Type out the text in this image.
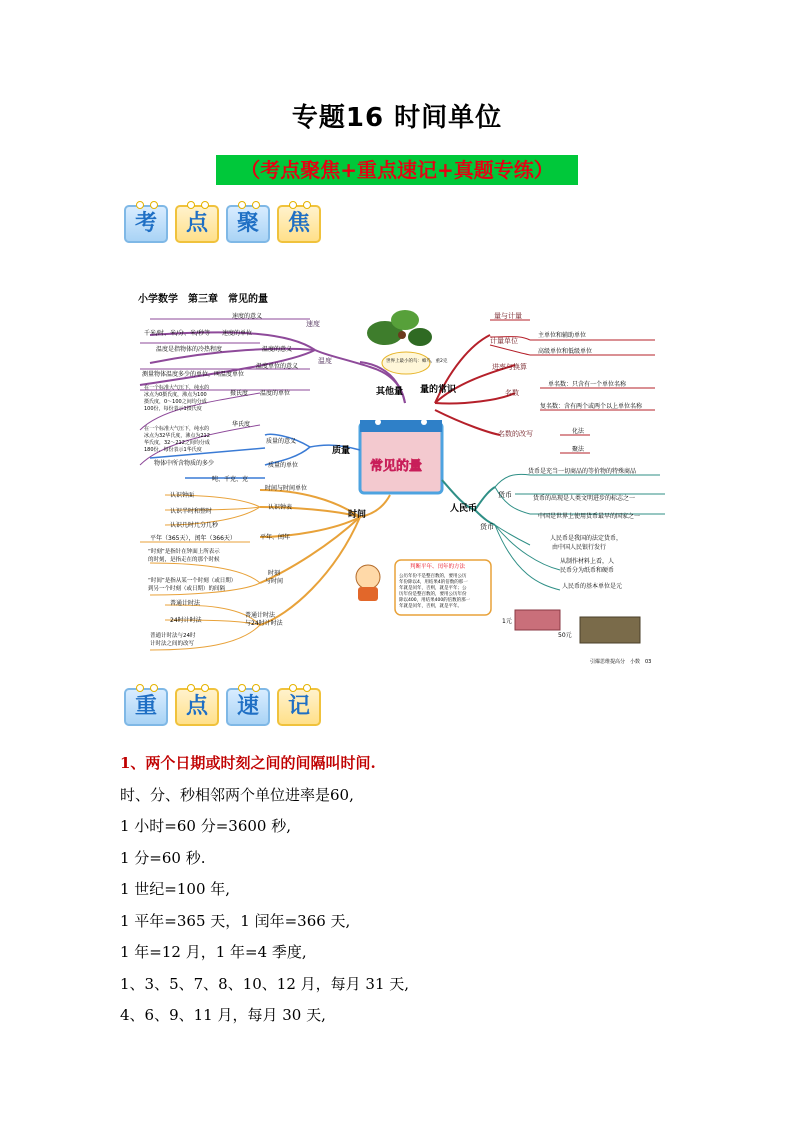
专题16 时间单位
（考点聚焦+重点速记+真题专练）
考	点	聚	焦
小学数学　第三章　常见的量
速度
速度的意义
千米/时、米/分、米/秒等 速度的单位
温度
温度是指物体的冷热程度	温度的意义
测量物体温度多少的单位，叫温度单位
温度单位的意义
温度的单位
摄氏度
华氏度
在一个标准大气压下，纯水的
冰点为0摄氏度，沸点为100
摄氏度，0～100之间均分成
100份，每份表示1摄氏度
在一个标准大气压下，纯水的
冰点为32华氏度，沸点为212
华氏度，32～212之间均分成
180份，每份表示1华氏度
其他量
世界上最小的鸟：蜂鸟，重2克
量与计量
计量单位
主单位和辅助单位
高级单位和低级单位
进率与换算
名数
单名数：只含有一个单位名称
复名数：含有两个或两个以上单位名称
名数的改写	化法
聚法
量的常识
常见的量
质量
质量的意义
物体中所含物质的多少	质量的单位
吨、千克、克
时间
时间与时间单位
认识钟面
认识半时和整时
认识钟表
认识几时几分几秒
平年（365天），闰年（366天）	平年、闰年
“时刻”是指针在钟面上所表示
的时刻，是指走在的那个时候
“时间”是指从某一个时刻（或日期）
到另一个时刻（或日期）的间隔
时刻
与时间
普通计时法
24时计时法
普通计时法与24时
计时法之间的改写
普通计时法
与24时计时法
人民币
货币
货币是充当一切商品的等价物的特殊商品
货币的出现是人类文明进步的标志之一
中国是世界上使用货币最早的国家之一
人民币是我国的法定货币，
由中国人民银行发行
从制作材料上看，人
民币分为纸币和硬币
人民币的基本单位是元
货币
判断平年、闰年的方法
公历年份不是整百数的，要用公历
年份除以4，用结果4的倍数的那一
年就是闰年，否则，就是平年；公
历年份是整百数的，要用公历年份
除以400，用结果400的倍数的那一
年就是闰年，否则，就是平年。
1元
50元
引爆思维提高分　小数　03
重	点	速	记

1、两个日期或时刻之间的间隔叫时间.

时、分、秒相邻两个单位进率是60,

1 小时=60 分=3600 秒,

1 分=60 秒.

1 世纪=100 年,

1 平年=365 天，1 闰年=366 天,

1 年=12 月，1 年=4 季度,

1、3、5、7、8、10、12 月，每月 31 天,

4、6、9、11 月，每月 30 天,
